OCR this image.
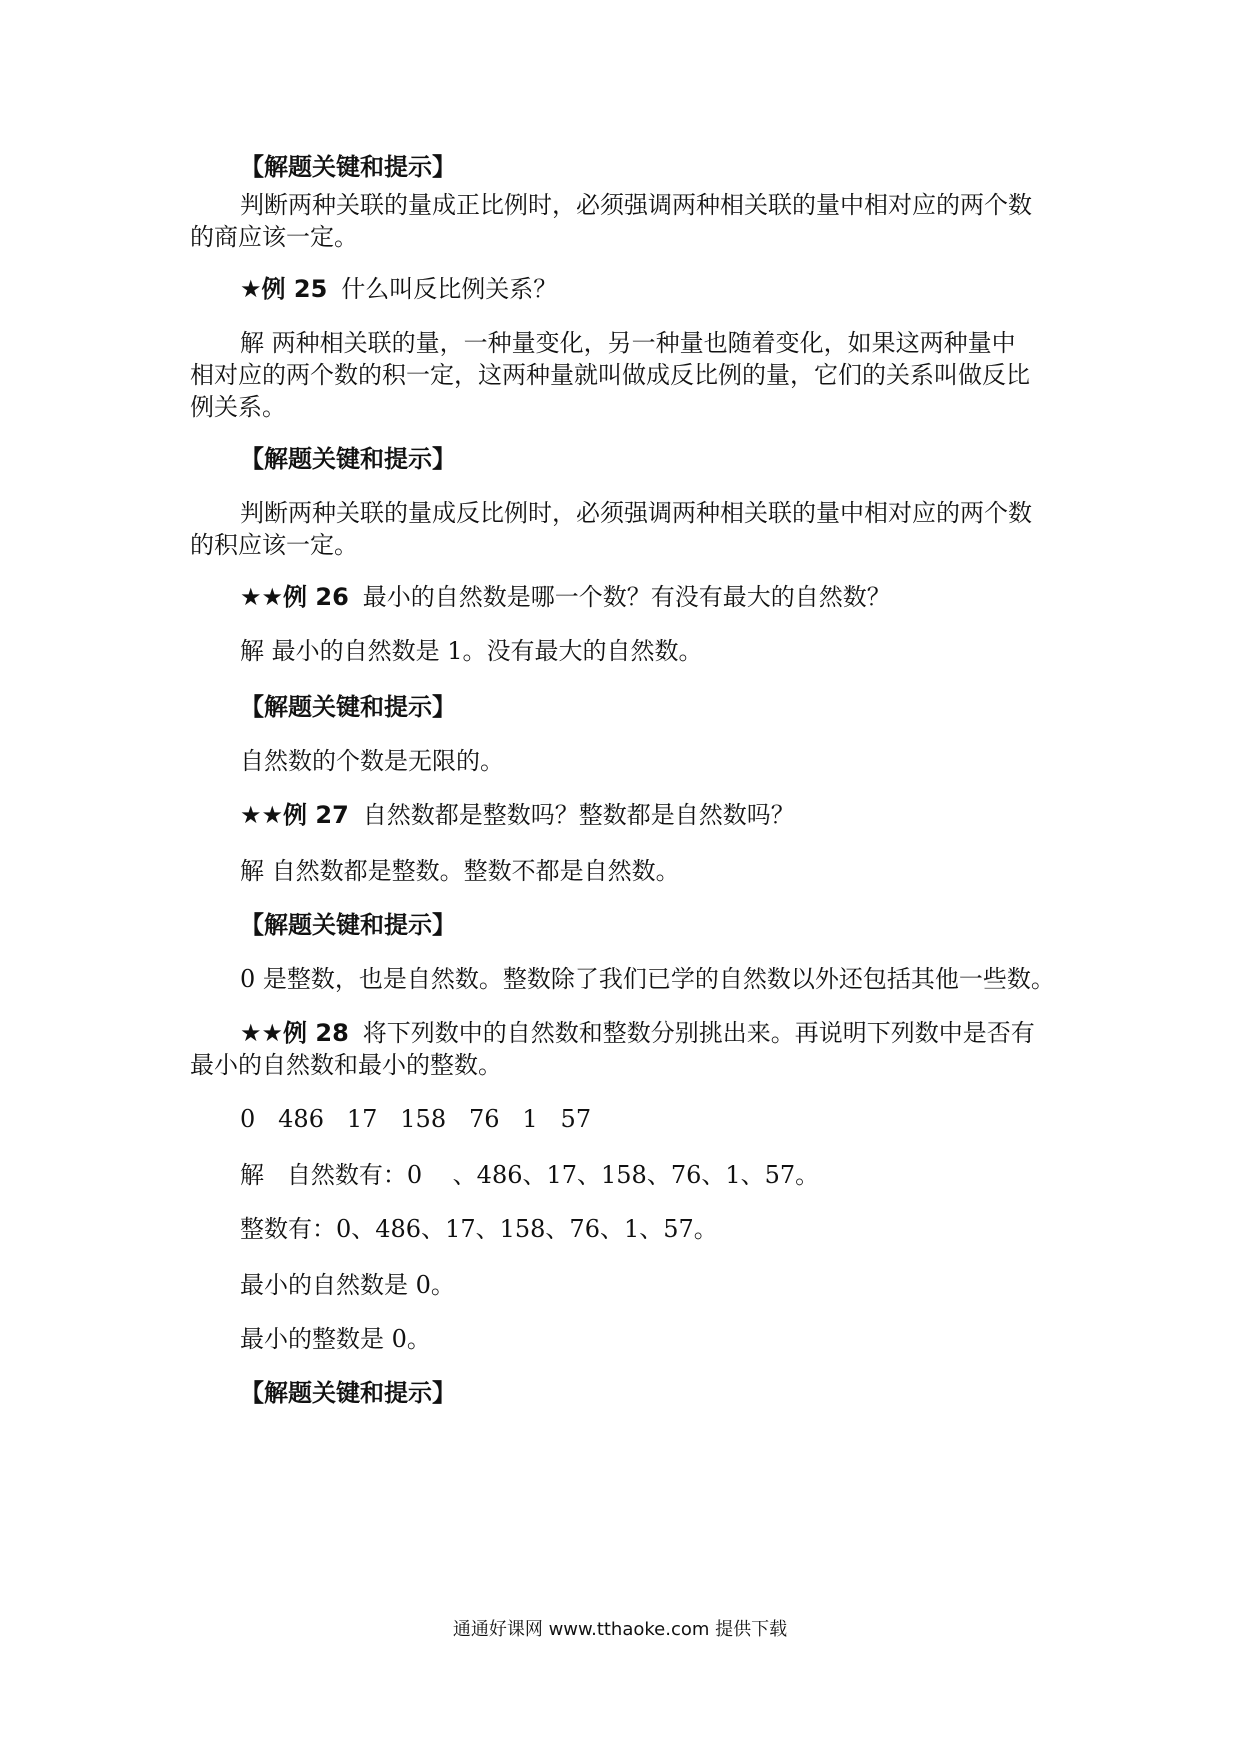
【解题关键和提示】

判断两种关联的量成正比例时，必须强调两种相关联的量中相对应的两个数

的商应该一定。

★例 25 什么叫反比例关系？

解 两种相关联的量，一种量变化，另一种量也随着变化，如果这两种量中

相对应的两个数的积一定，这两种量就叫做成反比例的量，它们的关系叫做反比

例关系。

【解题关键和提示】

判断两种关联的量成反比例时，必须强调两种相关联的量中相对应的两个数

的积应该一定。

★★例 26 最小的自然数是哪一个数？有没有最大的自然数？

解 最小的自然数是 1。没有最大的自然数。

【解题关键和提示】

自然数的个数是无限的。

★★例 27 自然数都是整数吗？整数都是自然数吗？

解 自然数都是整数。整数不都是自然数。

【解题关键和提示】

0 是整数，也是自然数。整数除了我们已学的自然数以外还包括其他一些数。

★★例 28 将下列数中的自然数和整数分别挑出来。再说明下列数中是否有

最小的自然数和最小的整数。

0   486   17   158   76   1   57

解   自然数有：0    、486、17、158、76、1、57。

整数有：0、486、17、158、76、1、57。

最小的自然数是 0。

最小的整数是 0。

【解题关键和提示】

通通好课网 www.tthaoke.com 提供下载
